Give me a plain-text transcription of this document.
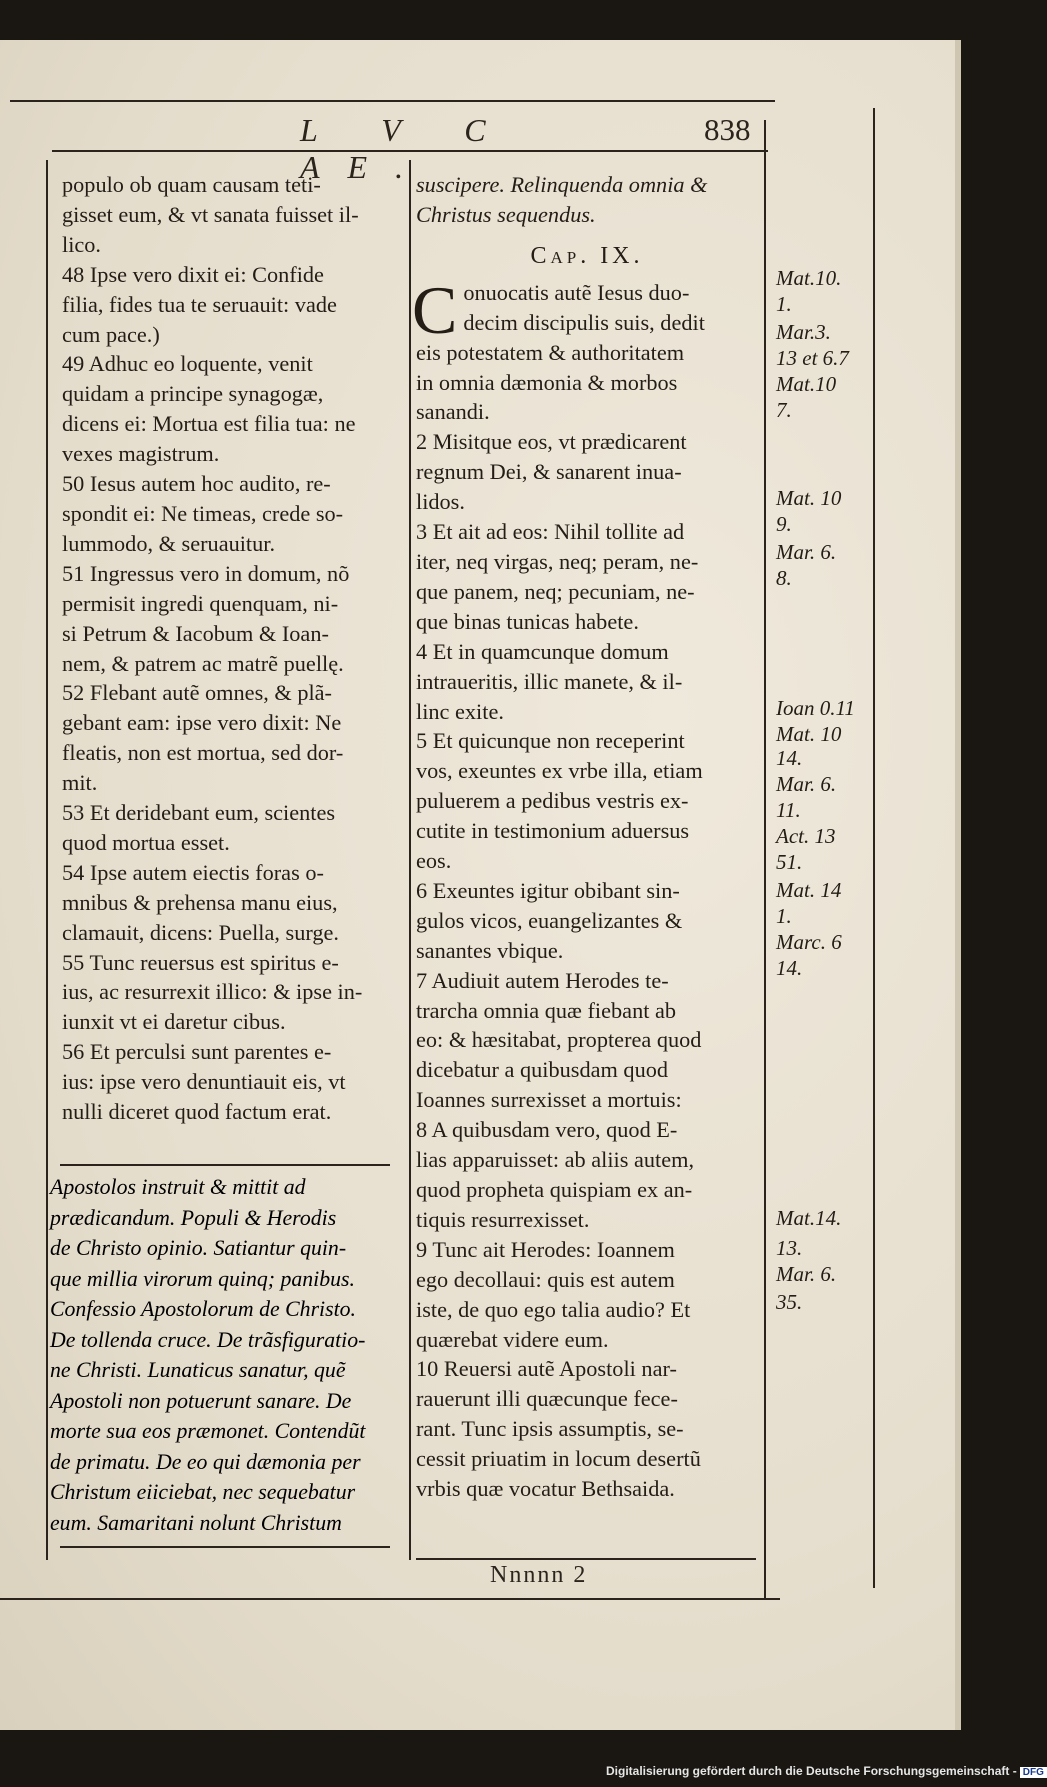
L V C AE.
838
populo ob quam causam teti-
gisset eum, & vt sanata fuisset il-
lico.
48 Ipse vero dixit ei: Confide
filia, fides tua te seruauit: vade
cum pace.)
49 Adhuc eo loquente, venit
quidam a principe synagogæ,
dicens ei: Mortua est filia tua: ne
vexes magistrum.
50 Iesus autem hoc audito, re-
spondit ei: Ne timeas, crede so-
lummodo, & seruauitur.
51 Ingressus vero in domum, nõ
permisit ingredi quenquam, ni-
si Petrum & Iacobum & Ioan-
nem, & patrem ac matrẽ puellę.
52 Flebant autẽ omnes, & plã-
gebant eam: ipse vero dixit: Ne
fleatis, non est mortua, sed dor-
mit.
53 Et deridebant eum, scientes
quod mortua esset.
54 Ipse autem eiectis foras o-
mnibus & prehensa manu eius,
clamauit, dicens: Puella, surge.
55 Tunc reuersus est spiritus e-
ius, ac resurrexit illico: & ipse in-
iunxit vt ei daretur cibus.
56 Et perculsi sunt parentes e-
ius: ipse vero denuntiauit eis, vt
nulli diceret quod factum erat.
Apostolos instruit & mittit ad
prædicandum. Populi & Herodis
de Christo opinio. Satiantur quin-
que millia virorum quinq; panibus.
Confessio Apostolorum de Christo.
De tollenda cruce. De trãsfiguratio-
ne Christi. Lunaticus sanatur, quẽ
Apostoli non potuerunt sanare. De
morte sua eos præmonet. Contendũt
de primatu. De eo qui dæmonia per
Christum eiiciebat, nec sequebatur
eum. Samaritani nolunt Christum
suscipere. Relinquenda omnia &
Christus sequendus.
Cap. IX.
C onuocatis autẽ Iesus duo-
decim discipulis suis, dedit
eis potestatem & authoritatem
in omnia dæmonia & morbos
sanandi.
2 Misitque eos, vt prædicarent
regnum Dei, & sanarent inua-
lidos.
3 Et ait ad eos: Nihil tollite ad
iter, neq virgas, neq; peram, ne-
que panem, neq; pecuniam, ne-
que binas tunicas habete.
4 Et in quamcunque domum
intraueritis, illic manete, & il-
linc exite.
5 Et quicunque non receperint
vos, exeuntes ex vrbe illa, etiam
puluerem a pedibus vestris ex-
cutite in testimonium aduersus
eos.
6 Exeuntes igitur obibant sin-
gulos vicos, euangelizantes &
sanantes vbique.
7 Audiuit autem Herodes te-
trarcha omnia quæ fiebant ab
eo: & hæsitabat, propterea quod
dicebatur a quibusdam quod
Ioannes surrexisset a mortuis:
8 A quibusdam vero, quod E-
lias apparuisset: ab aliis autem,
quod propheta quispiam ex an-
tiquis resurrexisset.
9 Tunc ait Herodes: Ioannem
ego decollaui: quis est autem
iste, de quo ego talia audio? Et
quærebat videre eum.
10 Reuersi autẽ Apostoli nar-
rauerunt illi quæcunque fece-
rant. Tunc ipsis assumptis, se-
cessit priuatim in locum desertũ
vrbis quæ vocatur Bethsaida.
Mat.10.
1.
Mar.3.
13 et 6.7
Mat.10
7.
Mat. 10
9.
Mar. 6.
8.
Ioan 0.11
Mat. 10
14.
Mar. 6.
11.
Act. 13
51.
Mat. 14
1.
Marc. 6
14.
Mat.14.
13.
Mar. 6.
35.
Nnnnn 2
Digitalisierung gefördert durch die Deutsche Forschungsgemeinschaft - DFG
